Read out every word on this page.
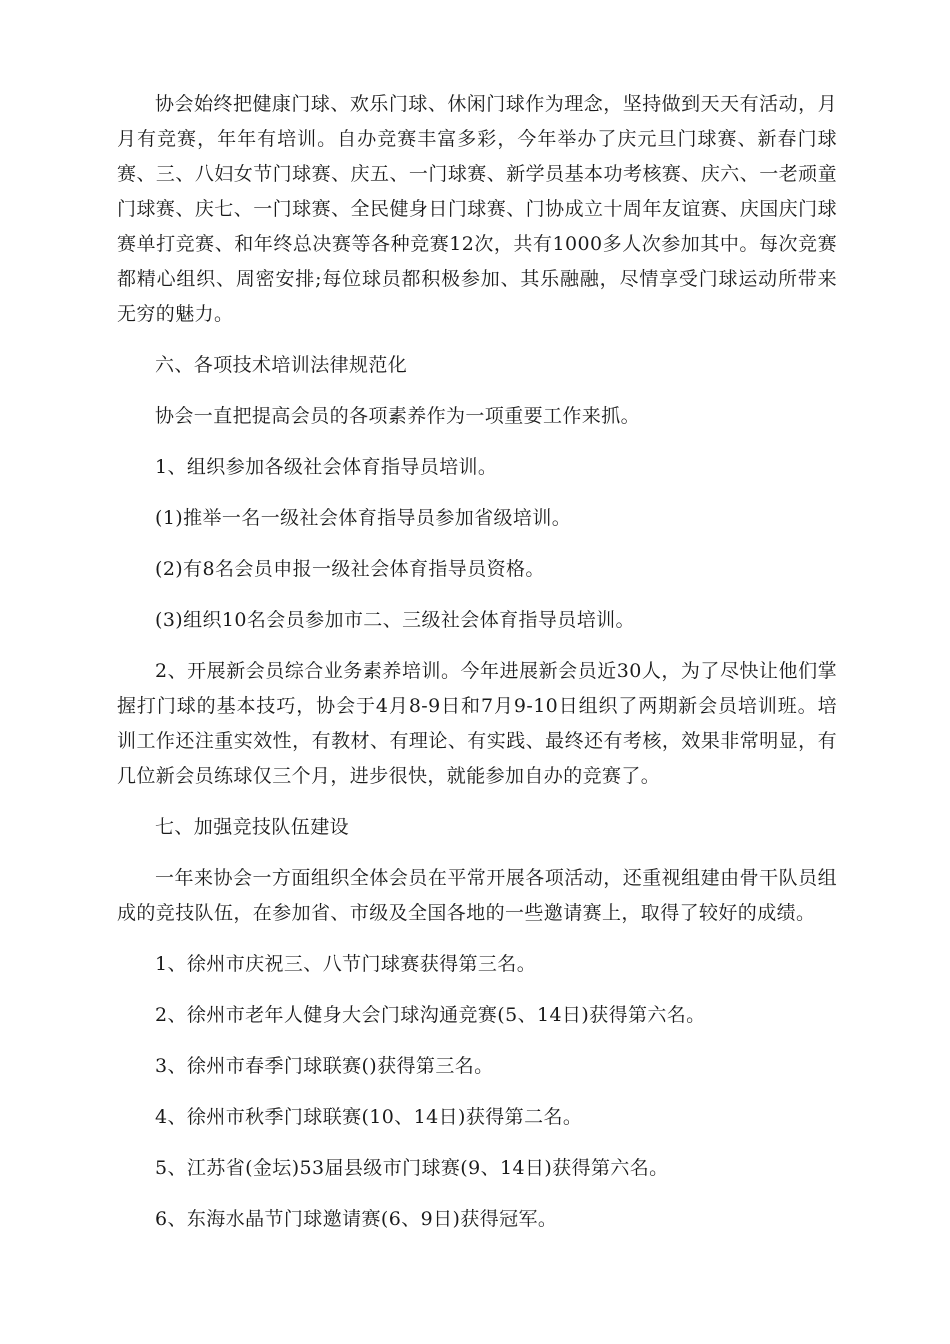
协会始终把健康门球、欢乐门球、休闲门球作为理念，坚持做到天天有活动，月月有竞赛，年年有培训。自办竞赛丰富多彩，今年举办了庆元旦门球赛、新春门球赛、三、八妇女节门球赛、庆五、一门球赛、新学员基本功考核赛、庆六、一老顽童门球赛、庆七、一门球赛、全民健身日门球赛、门协成立十周年友谊赛、庆国庆门球赛单打竞赛、和年终总决赛等各种竞赛12次，共有1000多人次参加其中。每次竞赛都精心组织、周密安排;每位球员都积极参加、其乐融融，尽情享受门球运动所带来无穷的魅力。

六、各项技术培训法律规范化

协会一直把提高会员的各项素养作为一项重要工作来抓。

1、组织参加各级社会体育指导员培训。

(1)推举一名一级社会体育指导员参加省级培训。

(2)有8名会员申报一级社会体育指导员资格。

(3)组织10名会员参加市二、三级社会体育指导员培训。

2、开展新会员综合业务素养培训。今年进展新会员近30人，为了尽快让他们掌握打门球的基本技巧，协会于4月8-9日和7月9-10日组织了两期新会员培训班。培训工作还注重实效性，有教材、有理论、有实践、最终还有考核，效果非常明显，有几位新会员练球仅三个月，进步很快，就能参加自办的竞赛了。

七、加强竞技队伍建设

一年来协会一方面组织全体会员在平常开展各项活动，还重视组建由骨干队员组成的竞技队伍，在参加省、市级及全国各地的一些邀请赛上，取得了较好的成绩。

1、徐州市庆祝三、八节门球赛获得第三名。

2、徐州市老年人健身大会门球沟通竞赛(5、14日)获得第六名。

3、徐州市春季门球联赛()获得第三名。

4、徐州市秋季门球联赛(10、14日)获得第二名。

5、江苏省(金坛)53届县级市门球赛(9、14日)获得第六名。

6、东海水晶节门球邀请赛(6、9日)获得冠军。
